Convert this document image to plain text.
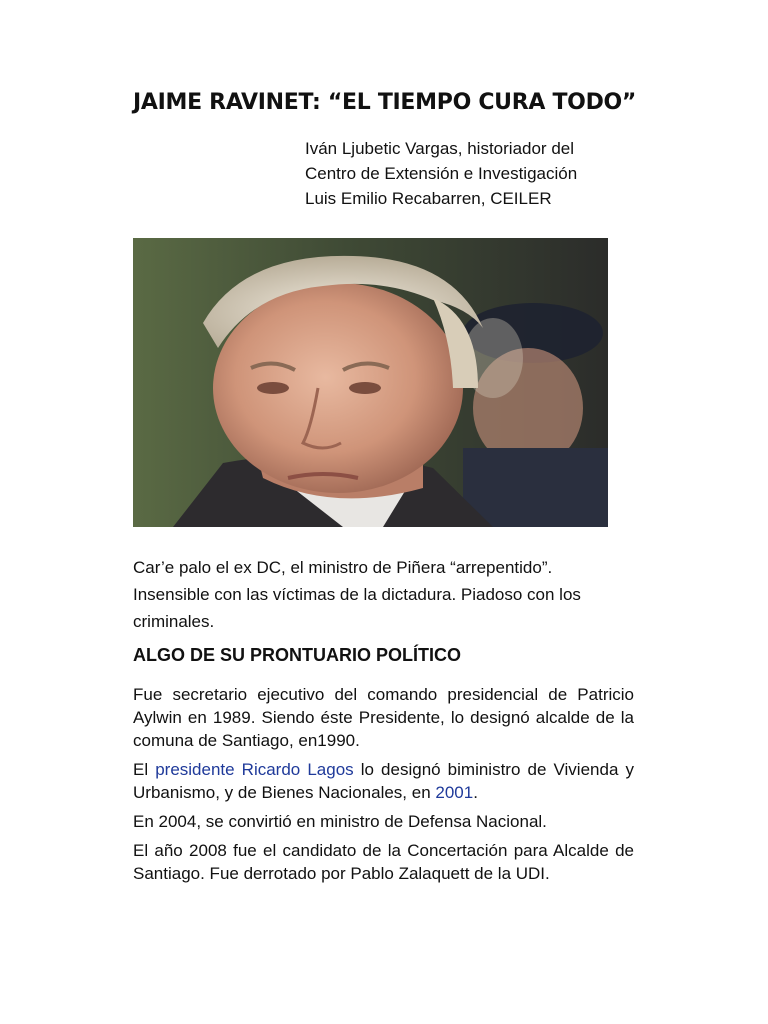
JAIME RAVINET: “EL TIEMPO CURA TODO”
Iván Ljubetic Vargas, historiador del
Centro de Extensión e Investigación
Luis Emilio Recabarren, CEILER

Car’e palo el ex DC, el ministro de Piñera “arrepentido”. Insensible con las víctimas de la dictadura. Piadoso con los criminales.

ALGO DE SU PRONTUARIO POLÍTICO

Fue secretario ejecutivo del comando presidencial de Patricio Aylwin en 1989. Siendo éste Presidente, lo designó alcalde de la comuna de Santiago, en1990.

El presidente Ricardo Lagos lo designó biministro de Vivienda y Urbanismo, y de Bienes Nacionales, en 2001.

En 2004, se convirtió en ministro de Defensa Nacional.

El año 2008 fue el candidato de la Concertación para Alcalde de Santiago. Fue derrotado por Pablo Zalaquett de la UDI.
